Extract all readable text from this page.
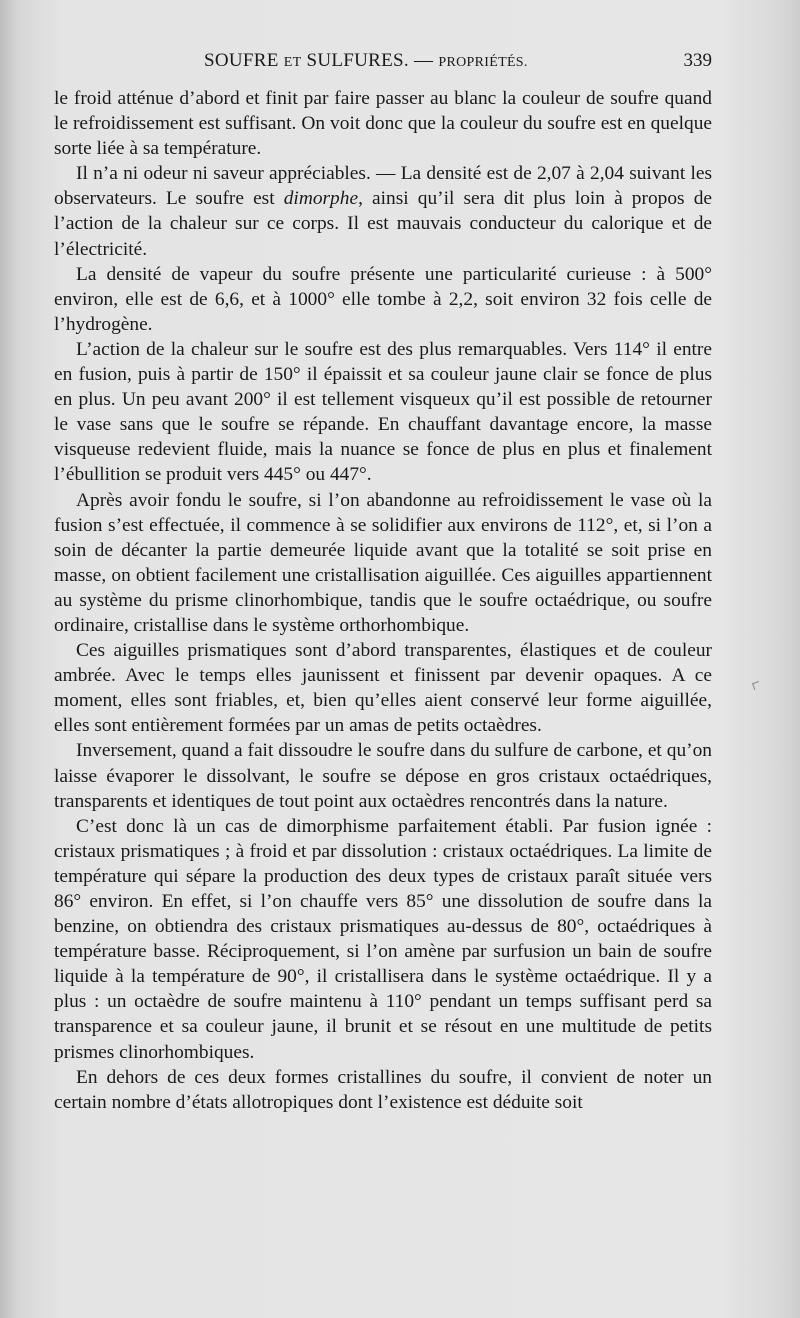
SOUFRE ET SULFURES. — PROPRIÉTÉS.	339

le froid atténue d’abord et finit par faire passer au blanc la couleur de soufre quand le refroidissement est suffisant. On voit donc que la couleur du soufre est en quelque sorte liée à sa température.

Il n’a ni odeur ni saveur appréciables. — La densité est de 2,07 à 2,04 suivant les observateurs. Le soufre est dimorphe, ainsi qu’il sera dit plus loin à propos de l’action de la chaleur sur ce corps. Il est mauvais conducteur du calorique et de l’électricité.

La densité de vapeur du soufre présente une particularité curieuse : à 500° environ, elle est de 6,6, et à 1000° elle tombe à 2,2, soit environ 32 fois celle de l’hydrogène.

L’action de la chaleur sur le soufre est des plus remarquables. Vers 114° il entre en fusion, puis à partir de 150° il épaissit et sa couleur jaune clair se fonce de plus en plus. Un peu avant 200° il est tellement visqueux qu’il est possible de retourner le vase sans que le soufre se répande. En chauffant davantage encore, la masse visqueuse redevient fluide, mais la nuance se fonce de plus en plus et finalement l’ébullition se produit vers 445° ou 447°.

Après avoir fondu le soufre, si l’on abandonne au refroidissement le vase où la fusion s’est effectuée, il commence à se solidifier aux environs de 112°, et, si l’on a soin de décanter la partie demeurée liquide avant que la totalité se soit prise en masse, on obtient facilement une cristallisation aiguillée. Ces aiguilles appartiennent au système du prisme clinorhombique, tandis que le soufre octaédrique, ou soufre ordinaire, cristallise dans le système orthorhombique.

Ces aiguilles prismatiques sont d’abord transparentes, élastiques et de couleur ambrée. Avec le temps elles jaunissent et finissent par devenir opaques. A ce moment, elles sont friables, et, bien qu’elles aient conservé leur forme aiguillée, elles sont entièrement formées par un amas de petits octaèdres.

Inversement, quand a fait dissoudre le soufre dans du sulfure de carbone, et qu’on laisse évaporer le dissolvant, le soufre se dépose en gros cristaux octaédriques, transparents et identiques de tout point aux octaèdres rencontrés dans la nature.

C’est donc là un cas de dimorphisme parfaitement établi. Par fusion ignée : cristaux prismatiques ; à froid et par dissolution : cristaux octaédriques. La limite de température qui sépare la production des deux types de cristaux paraît située vers 86° environ. En effet, si l’on chauffe vers 85° une dissolution de soufre dans la benzine, on obtiendra des cristaux prismatiques au-dessus de 80°, octaédriques à température basse. Réciproquement, si l’on amène par surfusion un bain de soufre liquide à la température de 90°, il cristallisera dans le système octaédrique. Il y a plus : un octaèdre de soufre maintenu à 110° pendant un temps suffisant perd sa transparence et sa couleur jaune, il brunit et se résout en une multitude de petits prismes clinorhombiques.

En dehors de ces deux formes cristallines du soufre, il convient de noter un certain nombre d’états allotropiques dont l’existence est déduite soit
